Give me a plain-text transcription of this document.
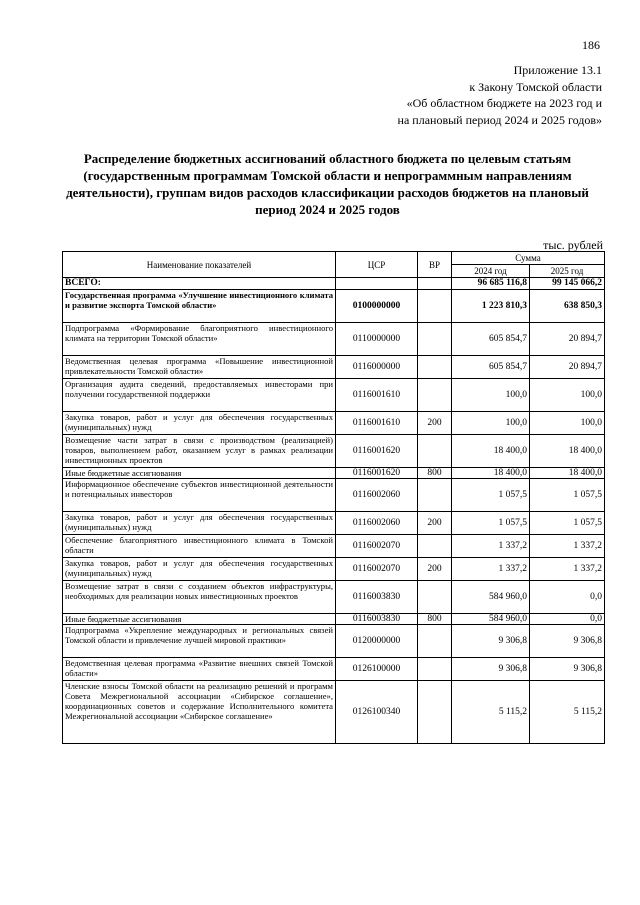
186
Приложение 13.1
к Закону Томской области
«Об областном бюджете на 2023 год и
на плановый период 2024 и 2025 годов»
Распределение бюджетных ассигнований областного бюджета по целевым статьям (государственным программам Томской области и непрограммным направлениям деятельности), группам видов расходов классификации расходов бюджетов на плановый период 2024 и 2025 годов
тыс. рублей
Наименование показателей	ЦСР	ВР	Сумма	
			2024 год	2025 год
ВСЕГО:			96 685 116,8	99 145 066,2
Государственная программа «Улучшение инвестиционного климата и развитие экспорта Томской области»	0100000000		1 223 810,3	638 850,3
Подпрограмма «Формирование благоприятного инвестиционного климата на территории Томской области»	0110000000		605 854,7	20 894,7
Ведомственная целевая программа «Повышение инвестиционной привлекательности Томской области»	0116000000		605 854,7	20 894,7
Организация аудита сведений, предоставляемых инвесторами при получении государственной поддержки	0116001610		100,0	100,0
Закупка товаров, работ и услуг для обеспечения государственных (муниципальных) нужд	0116001610	200	100,0	100,0
Возмещение части затрат в связи с производством (реализацией) товаров, выполнением работ, оказанием услуг в рамках реализации инвестиционных проектов	0116001620		18 400,0	18 400,0
Иные бюджетные ассигнования	0116001620	800	18 400,0	18 400,0
Информационное обеспечение субъектов инвестиционной деятельности и потенциальных инвесторов	0116002060		1 057,5	1 057,5
Закупка товаров, работ и услуг для обеспечения государственных (муниципальных) нужд	0116002060	200	1 057,5	1 057,5
Обеспечение благоприятного инвестиционного климата в Томской области	0116002070		1 337,2	1 337,2
Закупка товаров, работ и услуг для обеспечения государственных (муниципальных) нужд	0116002070	200	1 337,2	1 337,2
Возмещение затрат в связи с созданием объектов инфраструктуры, необходимых для реализации новых инвестиционных проектов	0116003830		584 960,0	0,0
Иные бюджетные ассигнования	0116003830	800	584 960,0	0,0
Подпрограмма «Укрепление международных и региональных связей Томской области и привлечение лучшей мировой практики»	0120000000		9 306,8	9 306,8
Ведомственная целевая программа «Развитие внешних связей Томской области»	0126100000		9 306,8	9 306,8
Членские взносы Томской области на реализацию решений и программ Совета Межрегиональной ассоциации «Сибирское соглашение», координационных советов и содержание Исполнительного комитета Межрегиональной ассоциации «Сибирское соглашение»	0126100340		5 115,2	5 115,2
